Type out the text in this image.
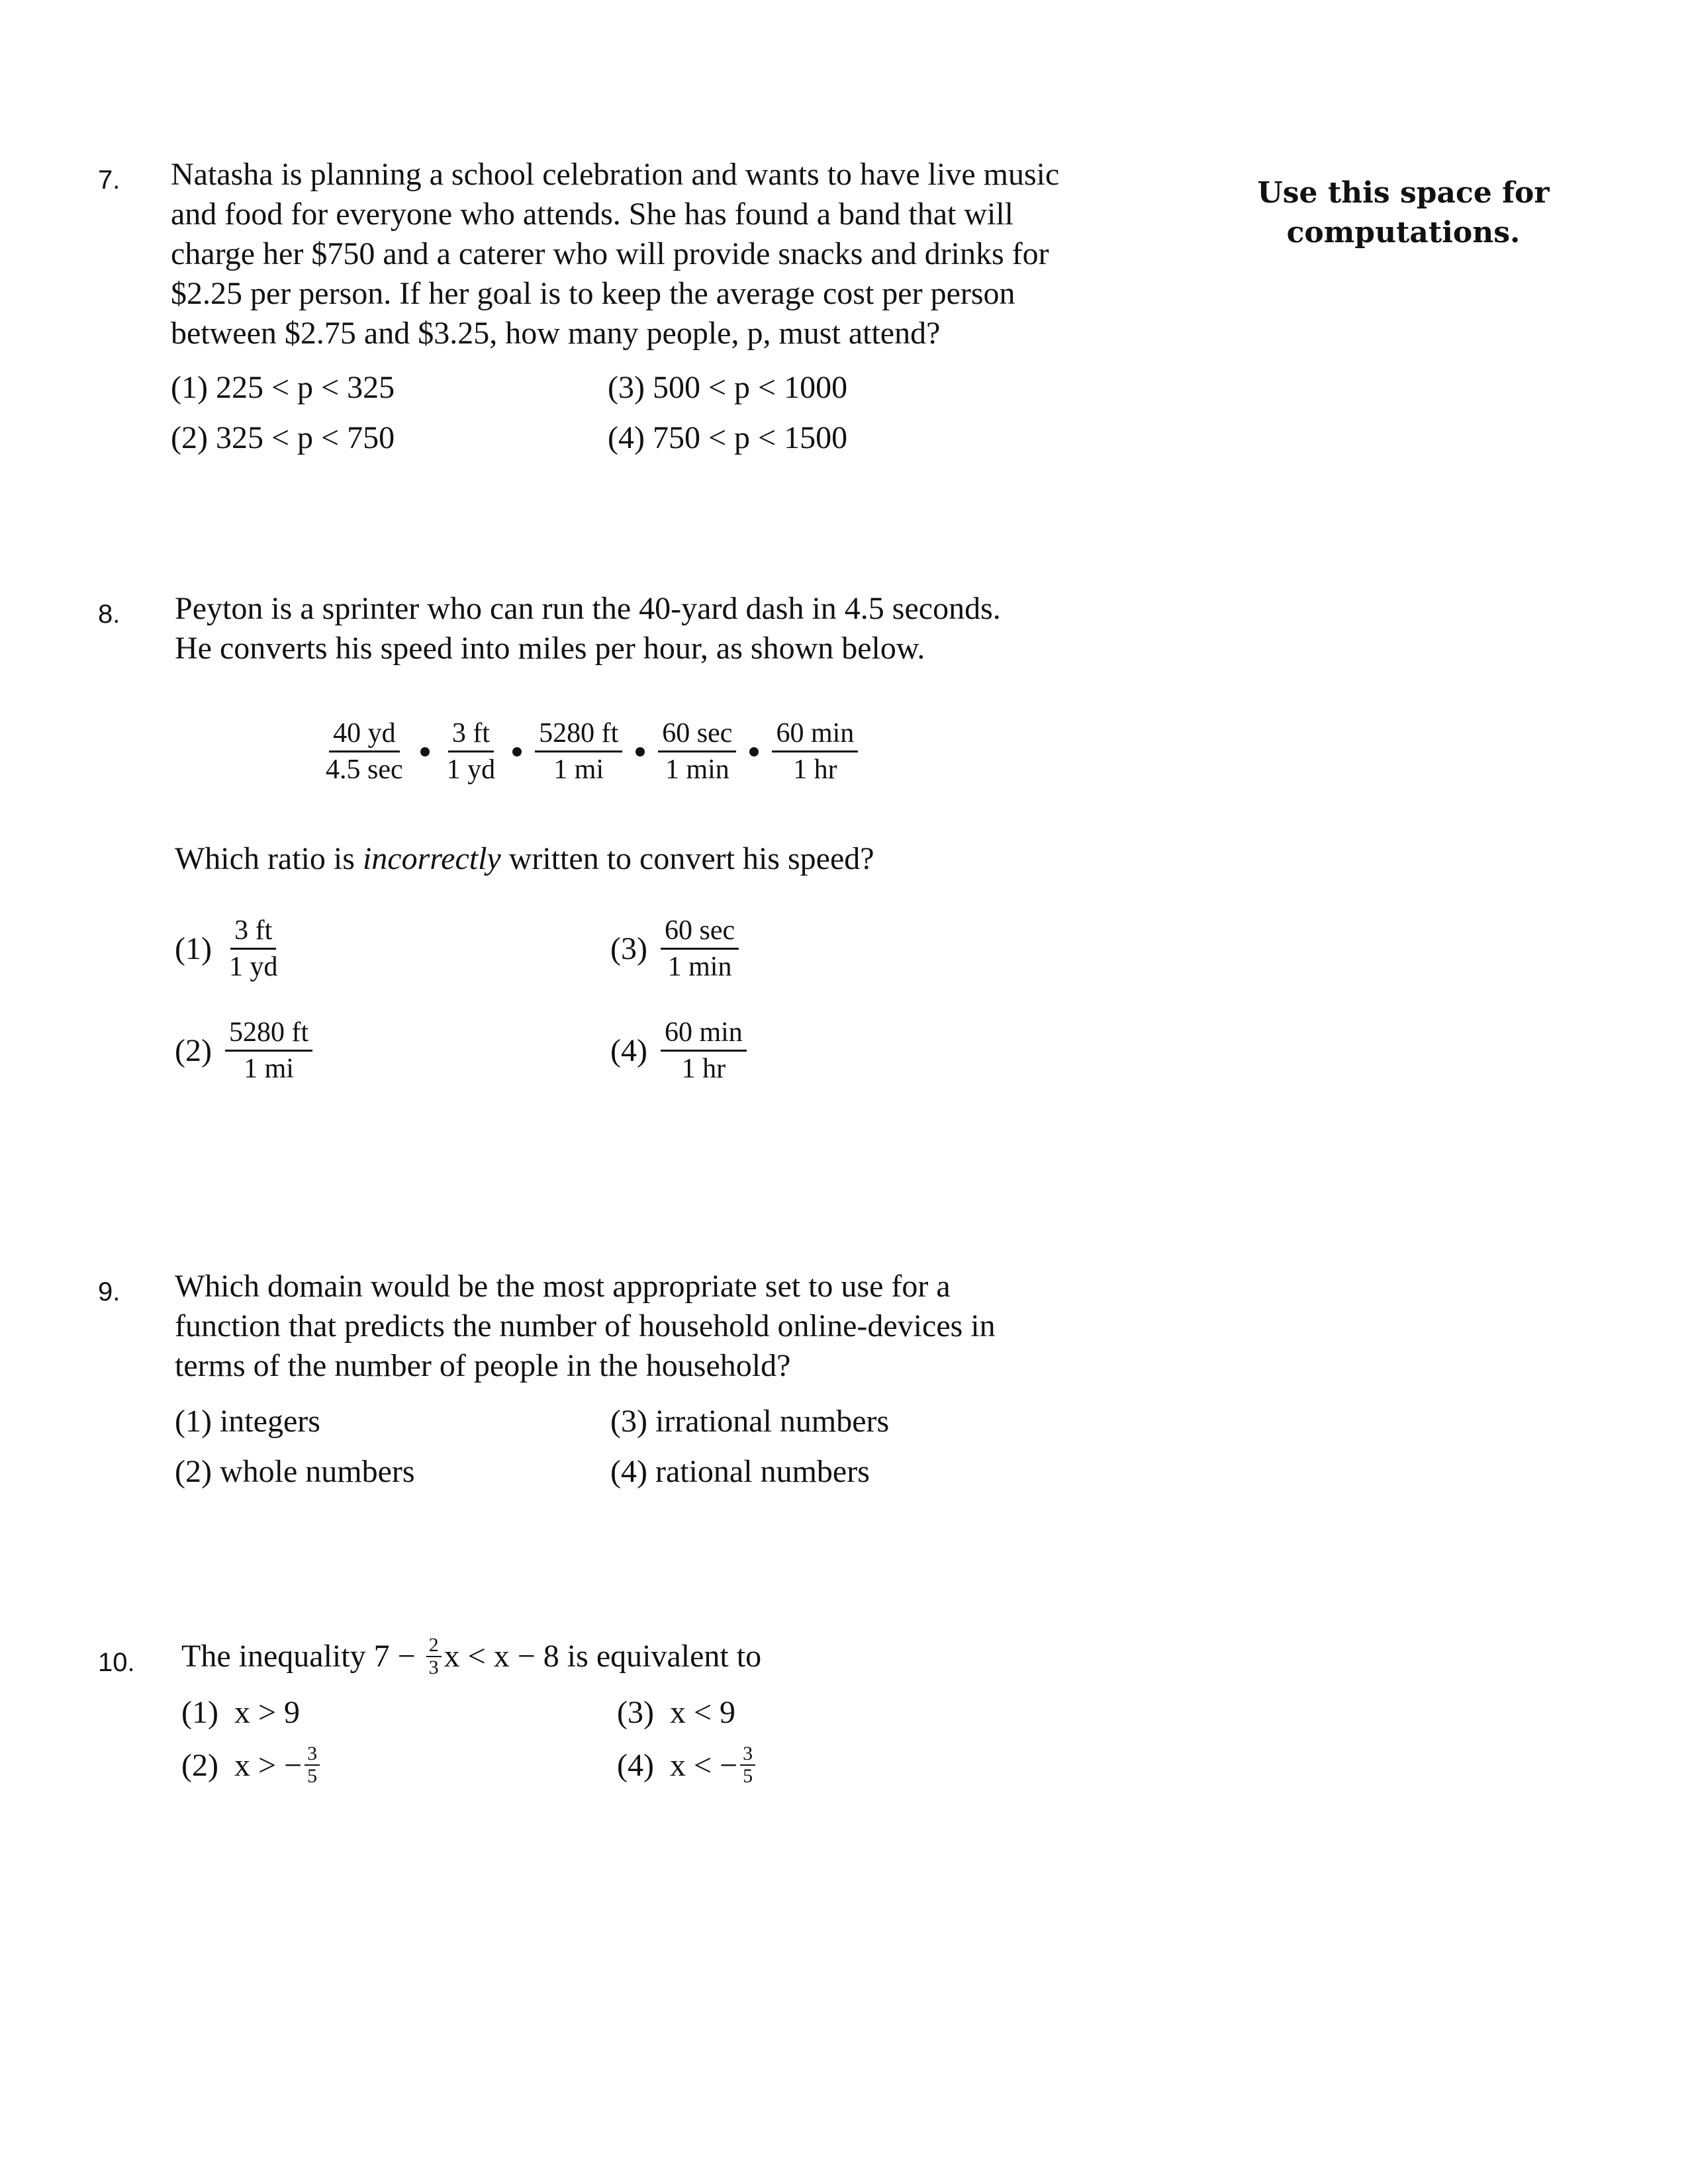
Use this space for
computations.
7. Natasha is planning a school celebration and wants to have live music
and food for everyone who attends. She has found a band that will
charge her $750 and a caterer who will provide snacks and drinks for
$2.25 per person. If her goal is to keep the average cost per person
between $2.75 and $3.25, how many people, p, must attend?
(1) 225 < p < 325
(2) 325 < p < 750
(3) 500 < p < 1000
(4) 750 < p < 1500
8. Peyton is a sprinter who can run the 40-yard dash in 4.5 seconds.
He converts his speed into miles per hour, as shown below.
$\frac{40 yd}{4.5 \sec} \frac{3 ft}{1 yd} \frac{5280 ft}{1 mi} \frac{60 \sec}{1 \min} \frac{60 \min}{1 hr}$
Which ratio is incorrectly written to convert his speed?
$(1) \frac{3 ft}{1 yd}$
$(2) \frac{5280 ft}{1 mi}$
$(3) \frac{60 \sec}{1 \min}$
$(4) \frac{60 \min}{1 hr}$
9. Which domain would be the most appropriate set to use for a
function that predicts the number of household online-devices in
terms of the number of people in the household?
(1) integers
(2) whole numbers
(3) irrational numbers
(4) rational numbers
10. The inequality $7 - \frac{2}{3}$ x < x − 8 is equivalent to
(1) x > 9
(2) x > − $\frac{3}{5}$
(3) x < 9
(4) x < − $\frac{3}{5}$
